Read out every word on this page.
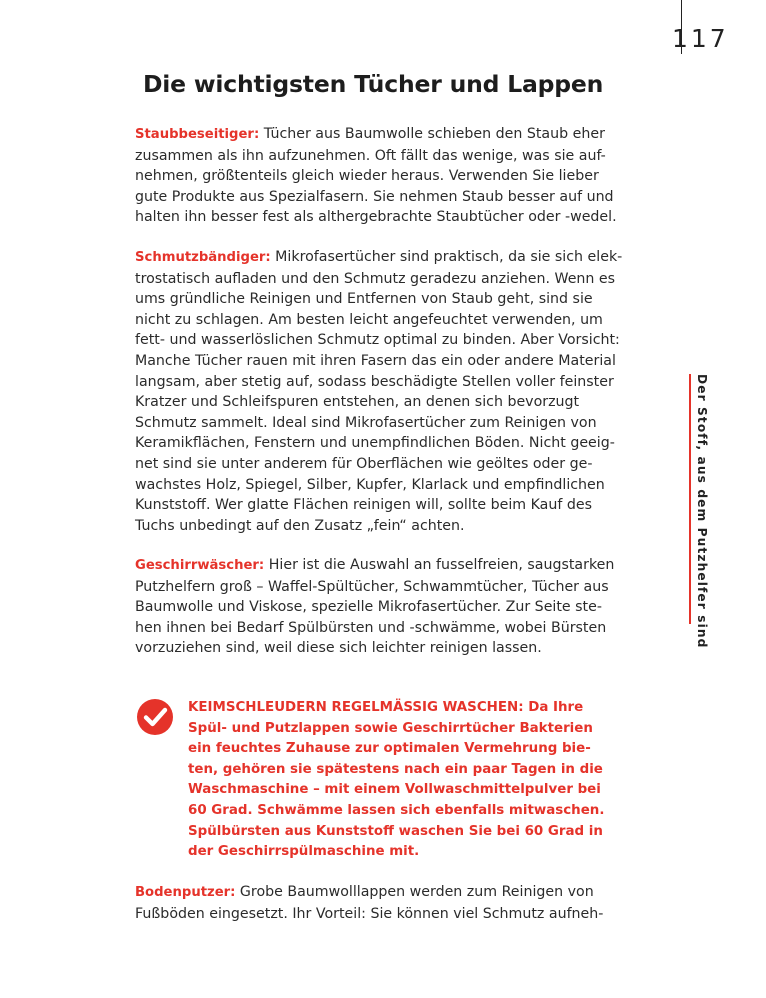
117
Der Stoff, aus dem Putzhelfer sind
Die wichtigsten Tücher und Lappen
Staubbeseitiger: Tücher aus Baumwolle schieben den Staub eher
zusammen als ihn aufzunehmen. Oft fällt das wenige, was sie auf-
nehmen, größtenteils gleich wieder heraus. Verwenden Sie lieber
gute Produkte aus Spezialfasern. Sie nehmen Staub besser auf und
halten ihn besser fest als althergebrachte Staubtücher oder -wedel.
Schmutzbändiger: Mikrofasertücher sind praktisch, da sie sich elek-
trostatisch aufladen und den Schmutz geradezu anziehen. Wenn es
ums gründliche Reinigen und Entfernen von Staub geht, sind sie
nicht zu schlagen. Am besten leicht angefeuchtet verwenden, um
fett- und wasserlöslichen Schmutz optimal zu binden. Aber Vorsicht:
Manche Tücher rauen mit ihren Fasern das ein oder andere Material
langsam, aber stetig auf, sodass beschädigte Stellen voller feinster
Kratzer und Schleifspuren entstehen, an denen sich bevorzugt
Schmutz sammelt. Ideal sind Mikrofasertücher zum Reinigen von
Keramikflächen, Fenstern und unempfindlichen Böden. Nicht geeig-
net sind sie unter anderem für Oberflächen wie geöltes oder ge-
wachstes Holz, Spiegel, Silber, Kupfer, Klarlack und empfindlichen
Kunststoff. Wer glatte Flächen reinigen will, sollte beim Kauf des
Tuchs unbedingt auf den Zusatz „fein“ achten.
Geschirrwäscher: Hier ist die Auswahl an fusselfreien, saugstarken
Putzhelfern groß – Waffel-Spültücher, Schwammtücher, Tücher aus
Baumwolle und Viskose, spezielle Mikrofasertücher. Zur Seite ste-
hen ihnen bei Bedarf Spülbürsten und -schwämme, wobei Bürsten
vorzuziehen sind, weil diese sich leichter reinigen lassen.
KEIMSCHLEUDERN REGELMÄSSIG WASCHEN: Da Ihre
Spül- und Putzlappen sowie Geschirrtücher Bakterien
ein feuchtes Zuhause zur optimalen Vermehrung bie-
ten, gehören sie spätestens nach ein paar Tagen in die
Waschmaschine – mit einem Vollwaschmittelpulver bei
60 Grad. Schwämme lassen sich ebenfalls mitwaschen.
Spülbürsten aus Kunststoff waschen Sie bei 60 Grad in
der Geschirrspülmaschine mit.
Bodenputzer: Grobe Baumwolllappen werden zum Reinigen von
Fußböden eingesetzt. Ihr Vorteil: Sie können viel Schmutz aufneh-
